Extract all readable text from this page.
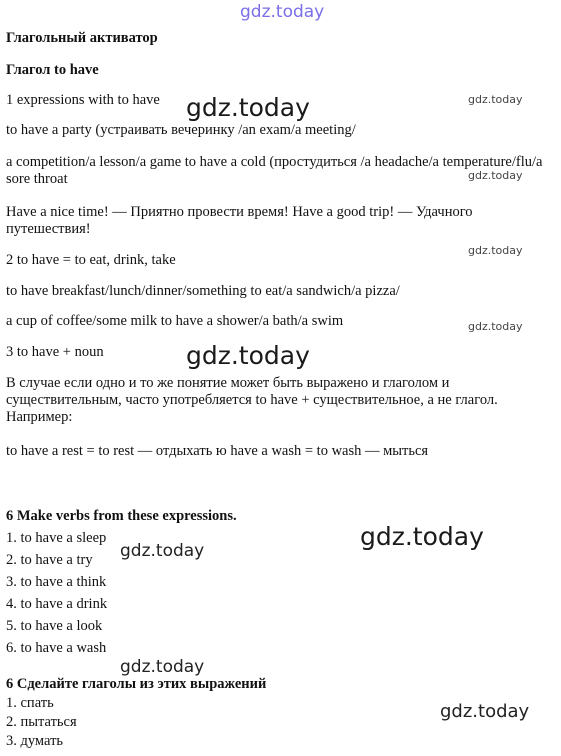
gdz.today
gdz.today	gdz.today
gdz.today
gdz.today
gdz.today
gdz.today
gdz.today
gdz.today
gdz.today
gdz.today

Глагольный активатор

Глагол to have

1 expressions with to have

to have a party (устраивать вечеринку /an exam/a meeting/

a competition/a lesson/a game to have a cold (простудиться /a headache/a temperature/flu/a sore throat

Have a nice time! — Приятно провести время! Have a good trip! — Удачного путешествия!

2 to have = to eat, drink, take

to have breakfast/lunch/dinner/something to eat/a sandwich/a pizza/

a cup of coffee/some milk to have a shower/a bath/a swim

3 to have + noun

В случае если одно и то же понятие может быть выражено и глаголом и существительным, часто употребляется to have + существительное, а не глагол. Например:

to have a rest = to rest — отдыхать ю have a wash = to wash — мыться

6 Make verbs from these expressions.

1. to have a sleep

2. to have a try

3. to have a think

4. to have a drink

5. to have a look

6. to have a wash

6 Сделайте глаголы из этих выражений

1. спать

2. пытаться

3. думать
